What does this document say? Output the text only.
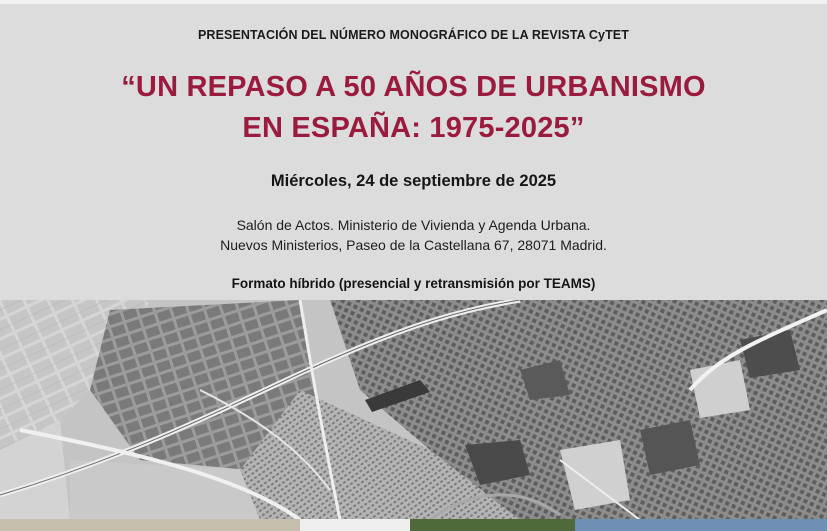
PRESENTACIÓN DEL NÚMERO MONOGRÁFICO DE LA REVISTA CyTET
“UN REPASO A 50 AÑOS DE URBANISMO
EN ESPAÑA: 1975-2025”
Miércoles, 24 de septiembre de 2025
Salón de Actos. Ministerio de Vivienda y Agenda Urbana.
Nuevos Ministerios, Paseo de la Castellana 67, 28071 Madrid.
Formato híbrido (presencial y retransmisión por TEAMS)
